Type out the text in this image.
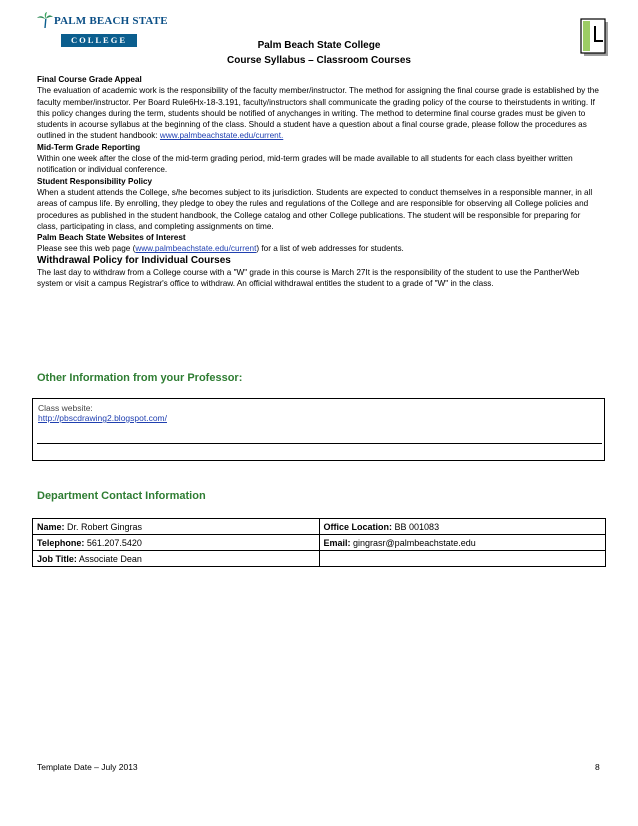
PALM BEACH STATE
COLLEGE	Palm Beach State College
Course Syllabus – Classroom Courses

Final Course Grade Appeal

The evaluation of academic work is the responsibility of the faculty member/instructor. The method for assigning the final course grade is established by the faculty member/instructor. Per Board Rule6Hx-18-3.191, faculty/instructors shall communicate the grading policy of the course to theirstudents in writing. If this policy changes during the term, students should be notified of anychanges in writing. The method to determine final course grades must be given to students in acourse syllabus at the beginning of the class. Should a student have a question about a final course grade, please follow the procedures as outlined in the student handbook: www.palmbeachstate.edu/current.

Mid-Term Grade Reporting

Within one week after the close of the mid-term grading period, mid-term grades will be made available to all students for each class byeither written notification or individual conference.

Student Responsibility Policy

When a student attends the College, s/he becomes subject to its jurisdiction. Students are expected to conduct themselves in a responsible manner, in all areas of campus life. By enrolling, they pledge to obey the rules and regulations of the College and are responsible for observing all College policies and procedures as published in the student handbook, the College catalog and other College publications. The student will be responsible for preparing for class, participating in class, and completing assignments on time.

Palm Beach State Websites of Interest

Please see this web page (www.palmbeachstate.edu/current) for a list of web addresses for students.

Withdrawal Policy for Individual Courses

The last day to withdraw from a College course with a "W" grade in this course is March 27It is the responsibility of the student to use the PantherWeb system or visit a campus Registrar's office to withdraw. An official withdrawal entitles the student to a grade of "W" in the class.

Other Information from your Professor:
Class website:
http://pbscdrawing2.blogspot.com/
Department Contact Information
Name: Dr. Robert Gingras	Office Location: BB 001083
Telephone: 561.207.5420	Email: gingrasr@palmbeachstate.edu
Job Title: Associate Dean	
Template Date – July 2013	8
